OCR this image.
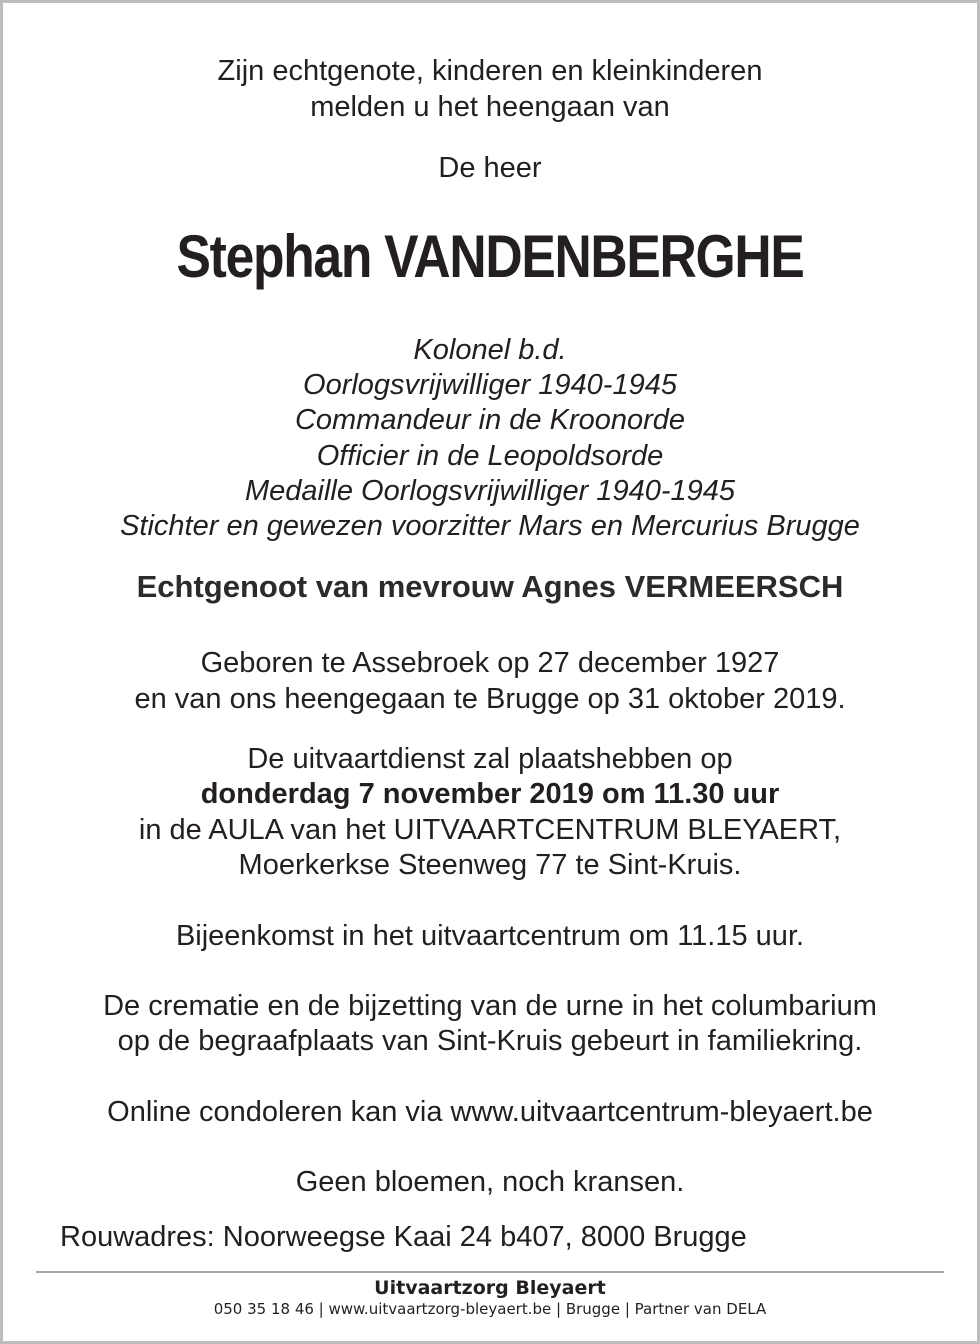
Zijn echtgenote, kinderen en kleinkinderen
melden u het heengaan van
De heer
Stephan VANDENBERGHE
Kolonel b.d.
Oorlogsvrijwilliger 1940-1945
Commandeur in de Kroonorde
Officier in de Leopoldsorde
Medaille Oorlogsvrijwilliger 1940-1945
Stichter en gewezen voorzitter Mars en Mercurius Brugge
Echtgenoot van mevrouw Agnes VERMEERSCH
Geboren te Assebroek op 27 december 1927
en van ons heengegaan te Brugge op 31 oktober 2019.
De uitvaartdienst zal plaatshebben op
donderdag 7 november 2019 om 11.30 uur
in de AULA van het UITVAARTCENTRUM BLEYAERT,
Moerkerkse Steenweg 77 te Sint-Kruis.
Bijeenkomst in het uitvaartcentrum om 11.15 uur.
De crematie en de bijzetting van de urne in het columbarium
op de begraafplaats van Sint-Kruis gebeurt in familiekring.
Online condoleren kan via www.uitvaartcentrum-bleyaert.be
Geen bloemen, noch kransen.
Rouwadres: Noorweegse Kaai 24 b407, 8000 Brugge
Uitvaartzorg Bleyaert
050 35 18 46 | www.uitvaartzorg-bleyaert.be | Brugge | Partner van DELA
